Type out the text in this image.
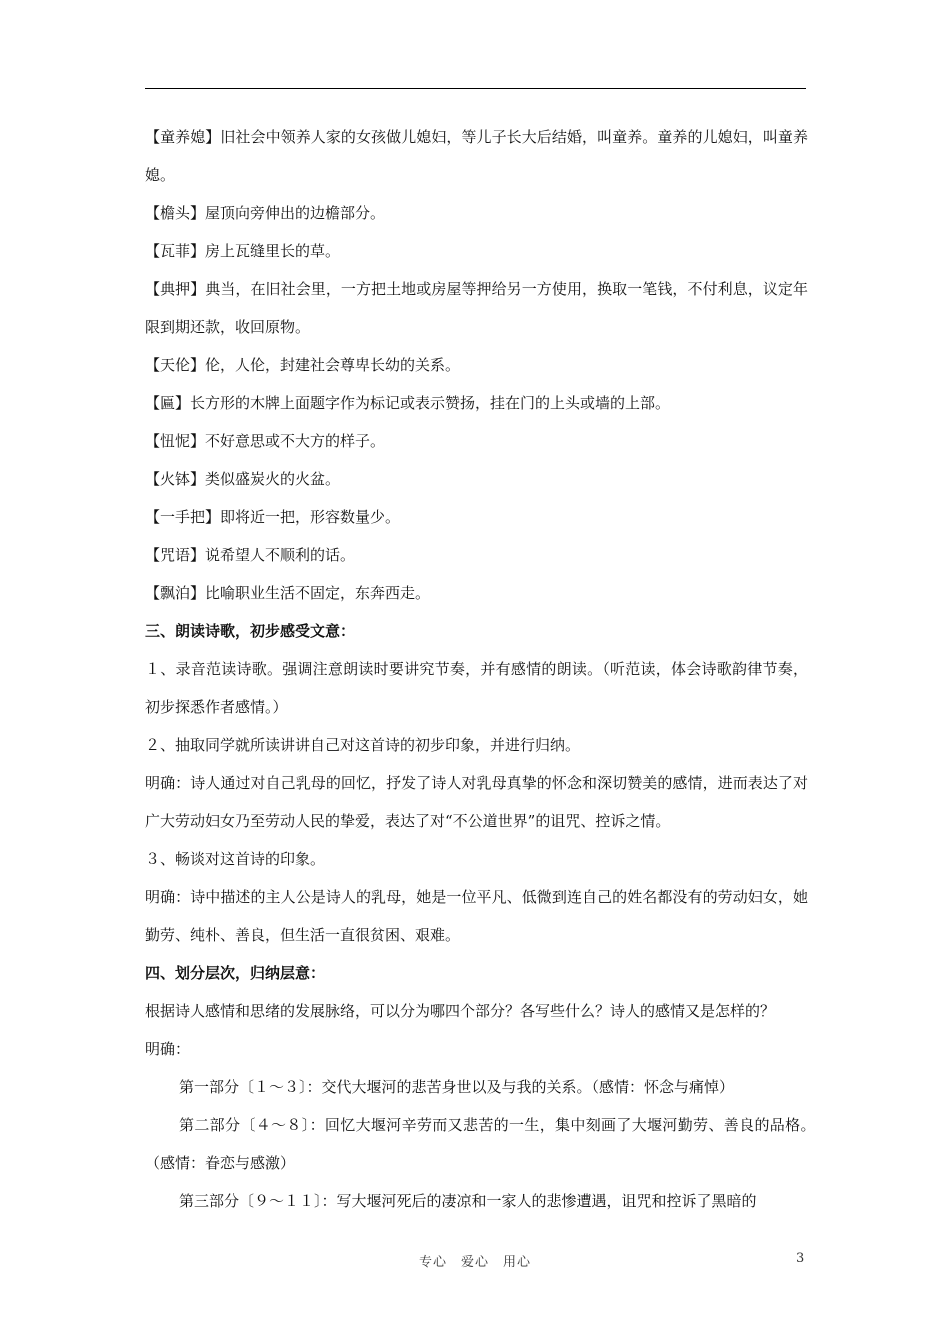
【童养媳】旧社会中领养人家的女孩做儿媳妇，等儿子长大后结婚，叫童养。童养的儿媳妇，叫童养媳。

【檐头】屋顶向旁伸出的边檐部分。

【瓦菲】房上瓦缝里长的草。

【典押】典当，在旧社会里，一方把土地或房屋等押给另一方使用，换取一笔钱，不付利息，议定年限到期还款，收回原物。

【天伦】伦，人伦，封建社会尊卑长幼的关系。

【匾】长方形的木牌上面题字作为标记或表示赞扬，挂在门的上头或墙的上部。

【忸怩】不好意思或不大方的样子。

【火钵】类似盛炭火的火盆。

【一手把】即将近一把，形容数量少。

【咒语】说希望人不顺利的话。

【飘泊】比喻职业生活不固定，东奔西走。

三、朗读诗歌，初步感受文意：

１、录音范读诗歌。强调注意朗读时要讲究节奏，并有感情的朗读。（听范读，体会诗歌韵律节奏，初步探悉作者感情。）

２、抽取同学就所读讲讲自己对这首诗的初步印象，并进行归纳。

明确：诗人通过对自己乳母的回忆，抒发了诗人对乳母真挚的怀念和深切赞美的感情，进而表达了对广大劳动妇女乃至劳动人民的挚爱，表达了对“不公道世界”的诅咒、控诉之情。

３、畅谈对这首诗的印象。

明确：诗中描述的主人公是诗人的乳母，她是一位平凡、低微到连自己的姓名都没有的劳动妇女，她勤劳、纯朴、善良，但生活一直很贫困、艰难。

四、划分层次，归纳层意：

根据诗人感情和思绪的发展脉络，可以分为哪四个部分？各写些什么？诗人的感情又是怎样的？

明确：

第一部分〔１～３〕：交代大堰河的悲苦身世以及与我的关系。（感情：怀念与痛悼）

第二部分〔４～８〕：回忆大堰河辛劳而又悲苦的一生，集中刻画了大堰河勤劳、善良的品格。　（感情：眷恋与感激）

第三部分〔９～１１〕：写大堰河死后的凄凉和一家人的悲惨遭遇，诅咒和控诉了黑暗的

专心　爱心　用心	3
